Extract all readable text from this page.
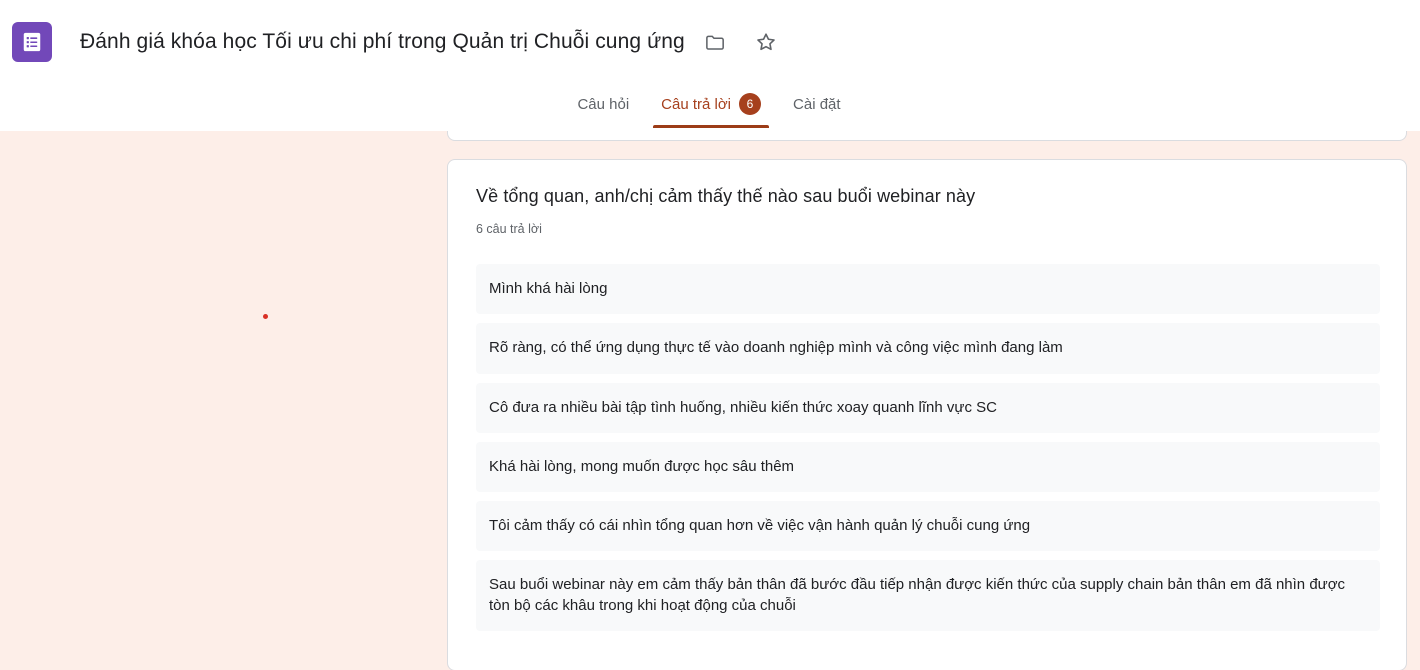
Đánh giá khóa học Tối ưu chi phí trong Quản trị Chuỗi cung ứng
Câu hỏi Câu trả lời	6	Cài đặt
Về tổng quan, anh/chị cảm thấy thế nào sau buổi webinar này
6 câu trả lời
Mình khá hài lòng
Rõ ràng, có thể ứng dụng thực tế vào doanh nghiệp mình và công việc mình đang làm
Cô đưa ra nhiều bài tập tình huống, nhiều kiến thức xoay quanh lĩnh vực SC
Khá hài lòng, mong muốn được học sâu thêm
Tôi cảm thấy có cái nhìn tổng quan hơn về việc vận hành quản lý chuỗi cung ứng
Sau buổi webinar này em cảm thấy bản thân đã bước đầu tiếp nhận được kiến thức của supply chain bản thân em đã nhìn được tòn bộ các khâu trong khi hoạt động của chuỗi
